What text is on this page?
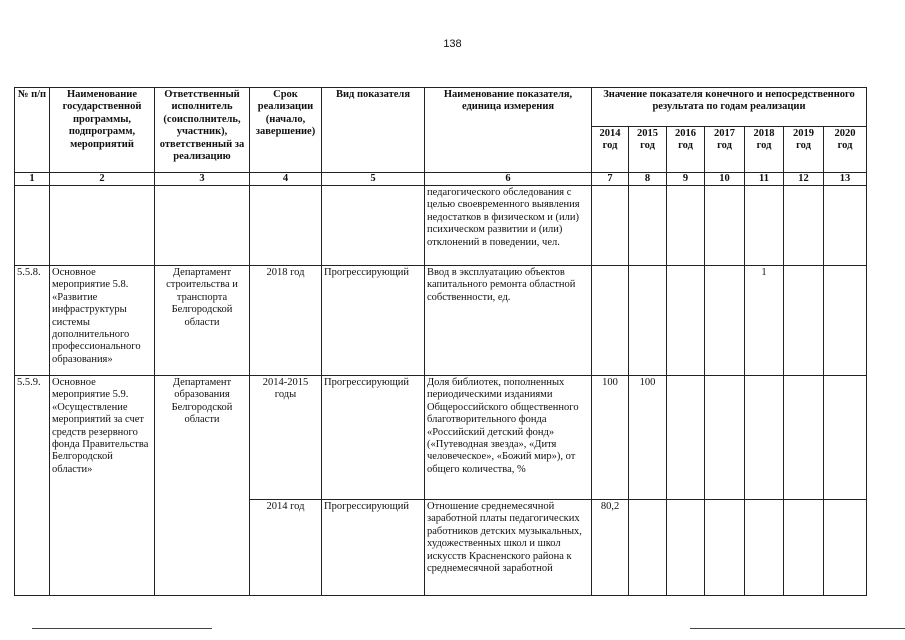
138
№ п/п	Наименование государственной программы, подпрограмм, мероприятий	Ответственный исполнитель (соисполнитель, участник), ответственный за реализацию	Срок реализации (начало, завершение)	Вид показателя	Наименование показателя, единица измерения	Значение показателя конечного и непосредственного результата по годам реализации						
						2014 год	2015 год	2016 год	2017 год	2018 год	2019 год	2020 год
1	2	3	4	5	6	7	8	9	10	11	12	13
					педагогического обследования с целью своевременного выявления недостатков в физическом и (или) психическом развитии и (или) отклонений в поведении, чел.							
5.5.8.	Основное мероприятие 5.8. «Развитие инфраструктуры системы дополнительного профессионального образования»	Департамент строительства и транспорта Белгородской области	2018 год	Прогрессирующий	Ввод в эксплуатацию объектов капитального ремонта областной собственности, ед.					1		
5.5.9.	Основное мероприятие 5.9. «Осуществление мероприятий за счет средств резервного фонда Правительства Белгородской области»	Департамент образования Белгородской области	2014-2015 годы	Прогрессирующий	Доля библиотек, пополненных периодическими изданиями Общероссийского общественного благотворительного фонда «Российский детский фонд» («Путеводная звезда», «Дитя человеческое», «Божий мир»), от общего количества, %	100	100					
			2014 год	Прогрессирующий	Отношение среднемесячной заработной платы педагогических работников детских музыкальных, художественных школ и школ искусств Красненского района к среднемесячной заработной	80,2						
